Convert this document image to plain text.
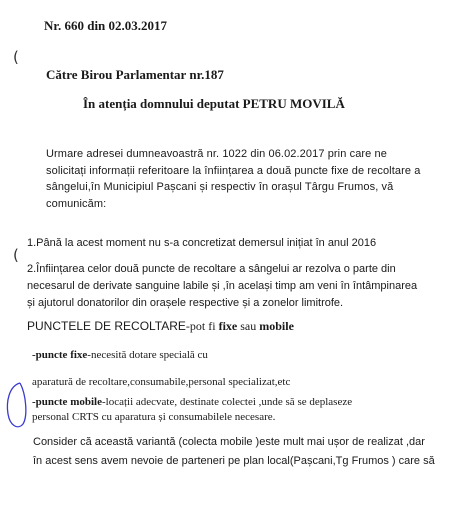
Nr. 660 din 02.03.2017
(
Către Birou Parlamentar nr.187
În atenția domnului deputat PETRU MOVILĂ
Urmare adresei dumneavoastră nr. 1022 din 06.02.2017 prin care ne
solicitați informații referitoare la înființarea a două puncte fixe de recoltare a
sângelui,în Municipiul Pașcani și respectiv în orașul Târgu Frumos, vă
comunicăm:
1.Până la acest moment nu s-a concretizat demersul inițiat în anul 2016
(
2.Înființarea celor două puncte de recoltare a sângelui ar rezolva o parte din
necesarul de derivate sanguine labile și ,în același timp am veni în întâmpinarea
și ajutorul donatorilor din orașele respective și a zonelor limitrofe.
PUNCTELE DE RECOLTARE-pot fi fixe sau mobile
-puncte fixe-necesită dotare specială cu
aparatură de recoltare,consumabile,personal specializat,etc
-puncte mobile-locații adecvate, destinate colectei ,unde să se deplaseze
personal CRTS cu aparatura și consumabilele necesare.
Consider că această variantă (colecta mobile )este mult mai ușor de realizat ,dar
în acest sens avem nevoie de parteneri pe plan local(Pașcani,Tg Frumos ) care să
